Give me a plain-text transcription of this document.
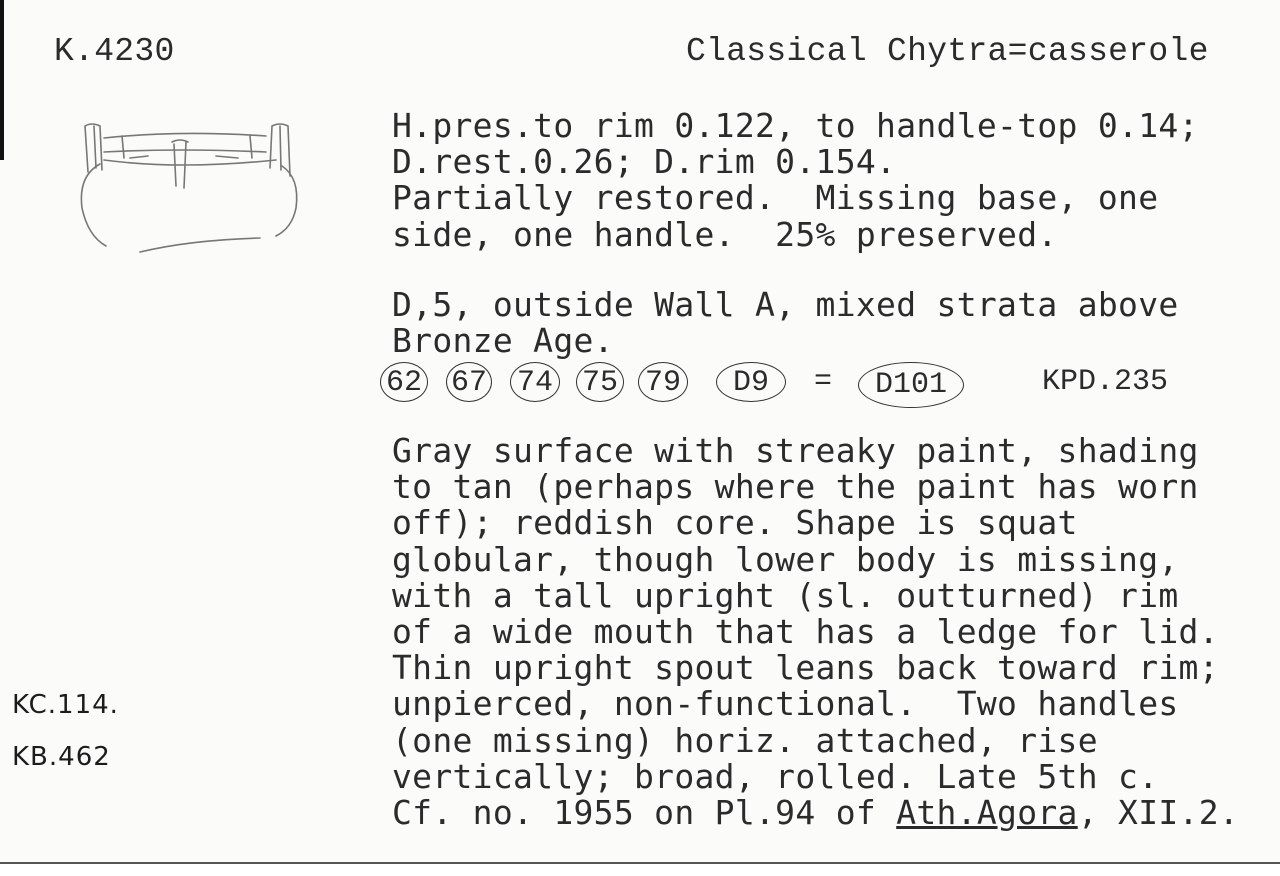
K.4230	Classical Chytra=casserole
H.pres.to rim 0.122, to handle-top 0.14;
D.rest.0.26; D.rim 0.154.
Partially restored.  Missing base, one
side, one handle.  25% preserved.
D,5, outside Wall A, mixed strata above
Bronze Age.
62 67 74 75 79	D9	=	D101	KPD.235
Gray surface with streaky paint, shading
to tan (perhaps where the paint has worn
off); reddish core. Shape is squat
globular, though lower body is missing,
with a tall upright (sl. outturned) rim
of a wide mouth that has a ledge for lid.
Thin upright spout leans back toward rim;
unpierced, non-functional.  Two handles
(one missing) horiz. attached, rise
vertically; broad, rolled. Late 5th c.
Cf. no. 1955 on Pl.94 of Ath.Agora, XII.2.
KC.114.
KB.462
